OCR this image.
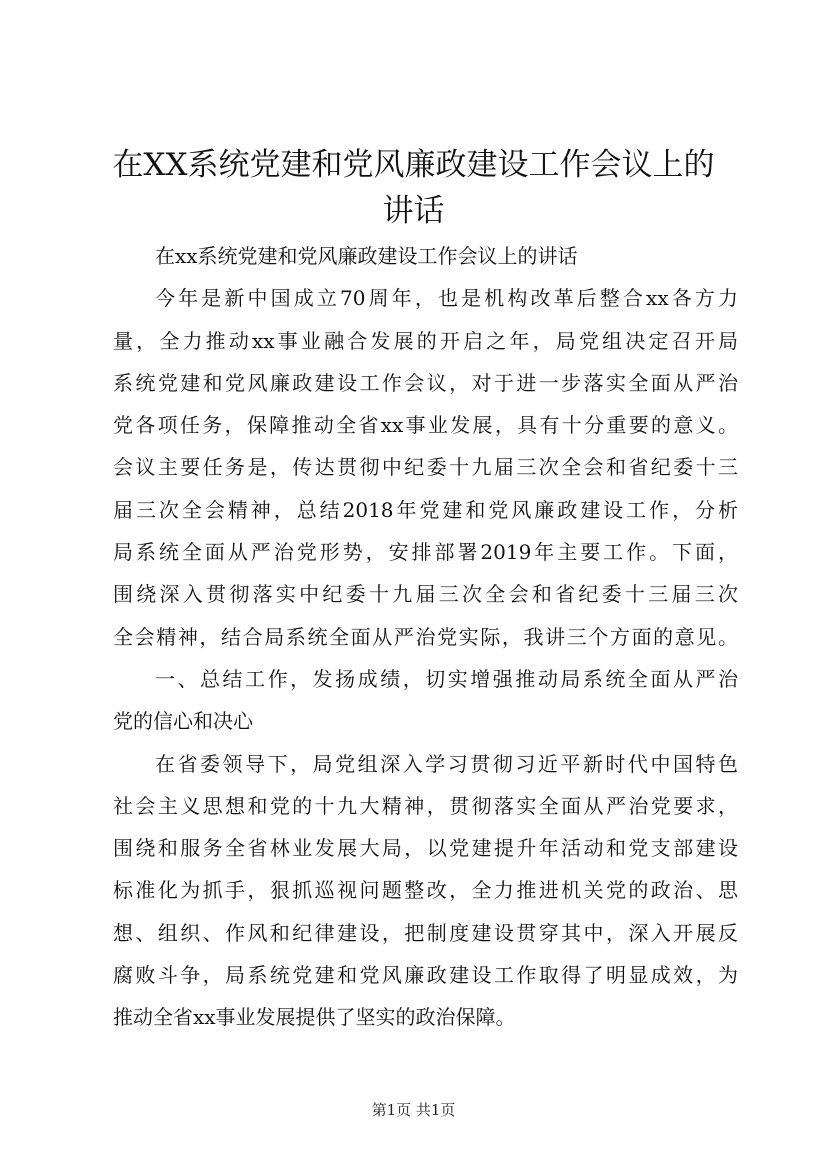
在XX系统党建和党风廉政建设工作会议上的
讲话
在xx系统党建和党风廉政建设工作会议上的讲话
今年是新中国成立70周年，也是机构改革后整合xx各方力
量，全力推动xx事业融合发展的开启之年，局党组决定召开局
系统党建和党风廉政建设工作会议，对于进一步落实全面从严治
党各项任务，保障推动全省xx事业发展，具有十分重要的意义。
会议主要任务是，传达贯彻中纪委十九届三次全会和省纪委十三
届三次全会精神，总结2018年党建和党风廉政建设工作，分析
局系统全面从严治党形势，安排部署2019年主要工作。下面，
围绕深入贯彻落实中纪委十九届三次全会和省纪委十三届三次
全会精神，结合局系统全面从严治党实际，我讲三个方面的意见。
一、总结工作，发扬成绩，切实增强推动局系统全面从严治
党的信心和决心
在省委领导下，局党组深入学习贯彻习近平新时代中国特色
社会主义思想和党的十九大精神，贯彻落实全面从严治党要求，
围绕和服务全省林业发展大局，以党建提升年活动和党支部建设
标准化为抓手，狠抓巡视问题整改，全力推进机关党的政治、思
想、组织、作风和纪律建设，把制度建设贯穿其中，深入开展反
腐败斗争，局系统党建和党风廉政建设工作取得了明显成效，为
推动全省xx事业发展提供了坚实的政治保障。
第1页 共1页
